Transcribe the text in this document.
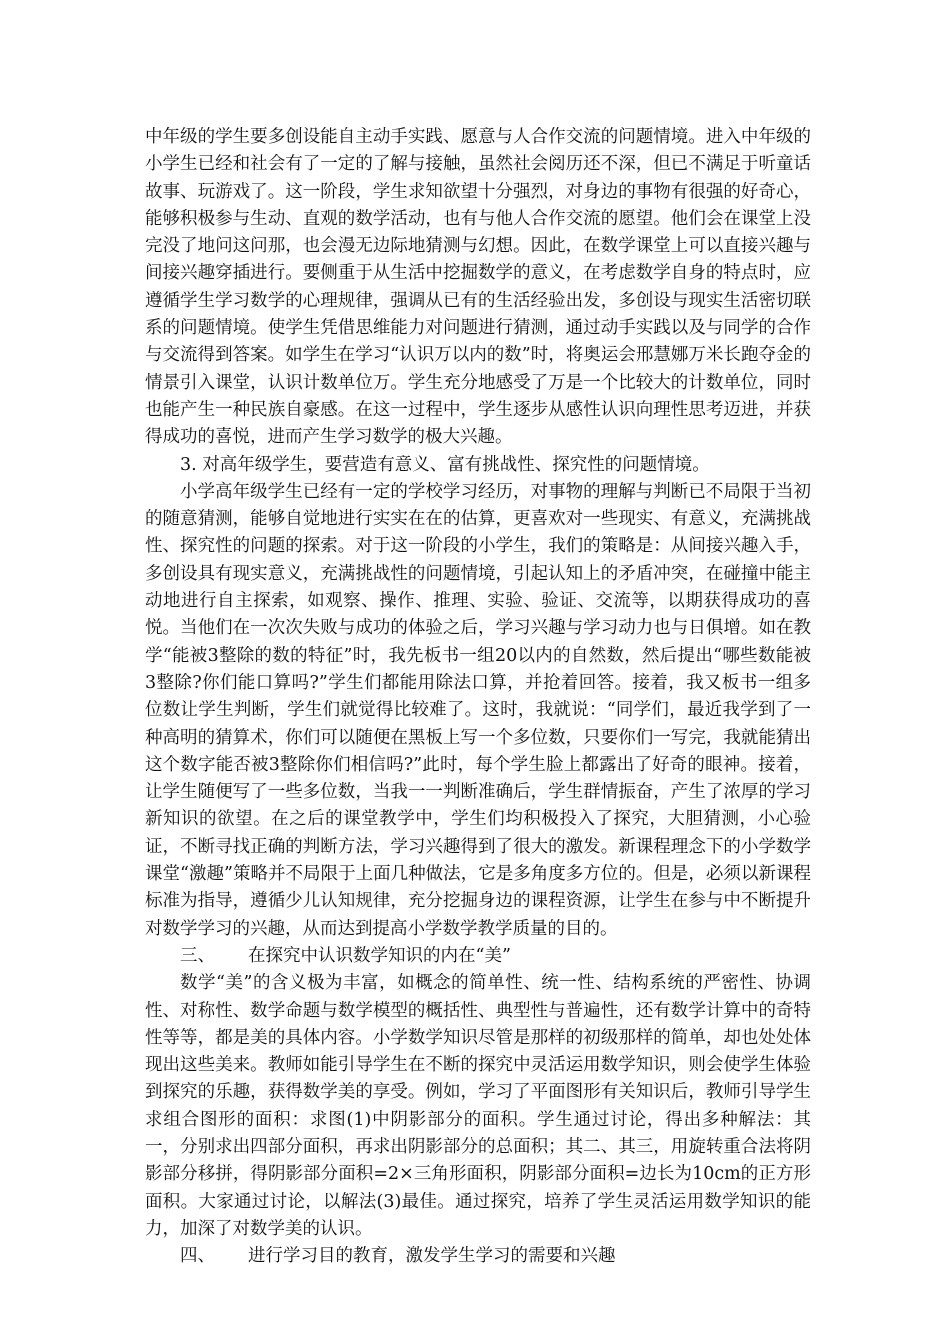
中年级的学生要多创设能自主动手实践、愿意与人合作交流的问题情境。进入中年级的小学生已经和社会有了一定的了解与接触，虽然社会阅历还不深，但已不满足于听童话故事、玩游戏了。这一阶段，学生求知欲望十分强烈，对身边的事物有很强的好奇心，能够积极参与生动、直观的数学活动，也有与他人合作交流的愿望。他们会在课堂上没完没了地问这问那，也会漫无边际地猜测与幻想。因此，在数学课堂上可以直接兴趣与间接兴趣穿插进行。要侧重于从生活中挖掘数学的意义，在考虑数学自身的特点时，应遵循学生学习数学的心理规律，强调从已有的生活经验出发，多创设与现实生活密切联系的问题情境。使学生凭借思维能力对问题进行猜测，通过动手实践以及与同学的合作与交流得到答案。如学生在学习“认识万以内的数”时，将奥运会邢慧娜万米长跑夺金的情景引入课堂，认识计数单位万。学生充分地感受了万是一个比较大的计数单位，同时也能产生一种民族自豪感。在这一过程中，学生逐步从感性认识向理性思考迈进，并获得成功的喜悦，进而产生学习数学的极大兴趣。

3. 对高年级学生，要营造有意义、富有挑战性、探究性的问题情境。

小学高年级学生已经有一定的学校学习经历，对事物的理解与判断已不局限于当初的随意猜测，能够自觉地进行实实在在的估算，更喜欢对一些现实、有意义，充满挑战性、探究性的问题的探索。对于这一阶段的小学生，我们的策略是：从间接兴趣入手，多创设具有现实意义，充满挑战性的问题情境，引起认知上的矛盾冲突，在碰撞中能主动地进行自主探索，如观察、操作、推理、实验、验证、交流等，以期获得成功的喜悦。当他们在一次次失败与成功的体验之后，学习兴趣与学习动力也与日俱增。如在教学“能被3整除的数的特征”时，我先板书一组20以内的自然数，然后提出“哪些数能被3整除?你们能口算吗?”学生们都能用除法口算，并抢着回答。接着，我又板书一组多位数让学生判断，学生们就觉得比较难了。这时，我就说：“同学们，最近我学到了一种高明的猜算术，你们可以随便在黑板上写一个多位数，只要你们一写完，我就能猜出这个数字能否被3整除你们相信吗?”此时，每个学生脸上都露出了好奇的眼神。接着，让学生随便写了一些多位数，当我一一判断准确后，学生群情振奋，产生了浓厚的学习新知识的欲望。在之后的课堂教学中，学生们均积极投入了探究，大胆猜测，小心验证，不断寻找正确的判断方法，学习兴趣得到了很大的激发。新课程理念下的小学数学课堂“激趣”策略并不局限于上面几种做法，它是多角度多方位的。但是，必须以新课程标准为指导，遵循少儿认知规律，充分挖掘身边的课程资源，让学生在参与中不断提升对数学学习的兴趣，从而达到提高小学数学教学质量的目的。

三、 在探究中认识数学知识的内在“美”

数学“美”的含义极为丰富，如概念的简单性、统一性、结构系统的严密性、协调性、对称性、数学命题与数学模型的概括性、典型性与普遍性，还有数学计算中的奇特性等等，都是美的具体内容。小学数学知识尽管是那样的初级那样的简单，却也处处体现出这些美来。教师如能引导学生在不断的探究中灵活运用数学知识，则会使学生体验到探究的乐趣，获得数学美的享受。例如，学习了平面图形有关知识后，教师引导学生求组合图形的面积：求图(1)中阴影部分的面积。学生通过讨论，得出多种解法：其一，分别求出四部分面积，再求出阴影部分的总面积；其二、其三，用旋转重合法将阴影部分移拼，得阴影部分面积=2×三角形面积，阴影部分面积=边长为10cm的正方形面积。大家通过讨论，以解法(3)最佳。通过探究，培养了学生灵活运用数学知识的能力，加深了对数学美的认识。

四、 进行学习目的教育，激发学生学习的需要和兴趣
